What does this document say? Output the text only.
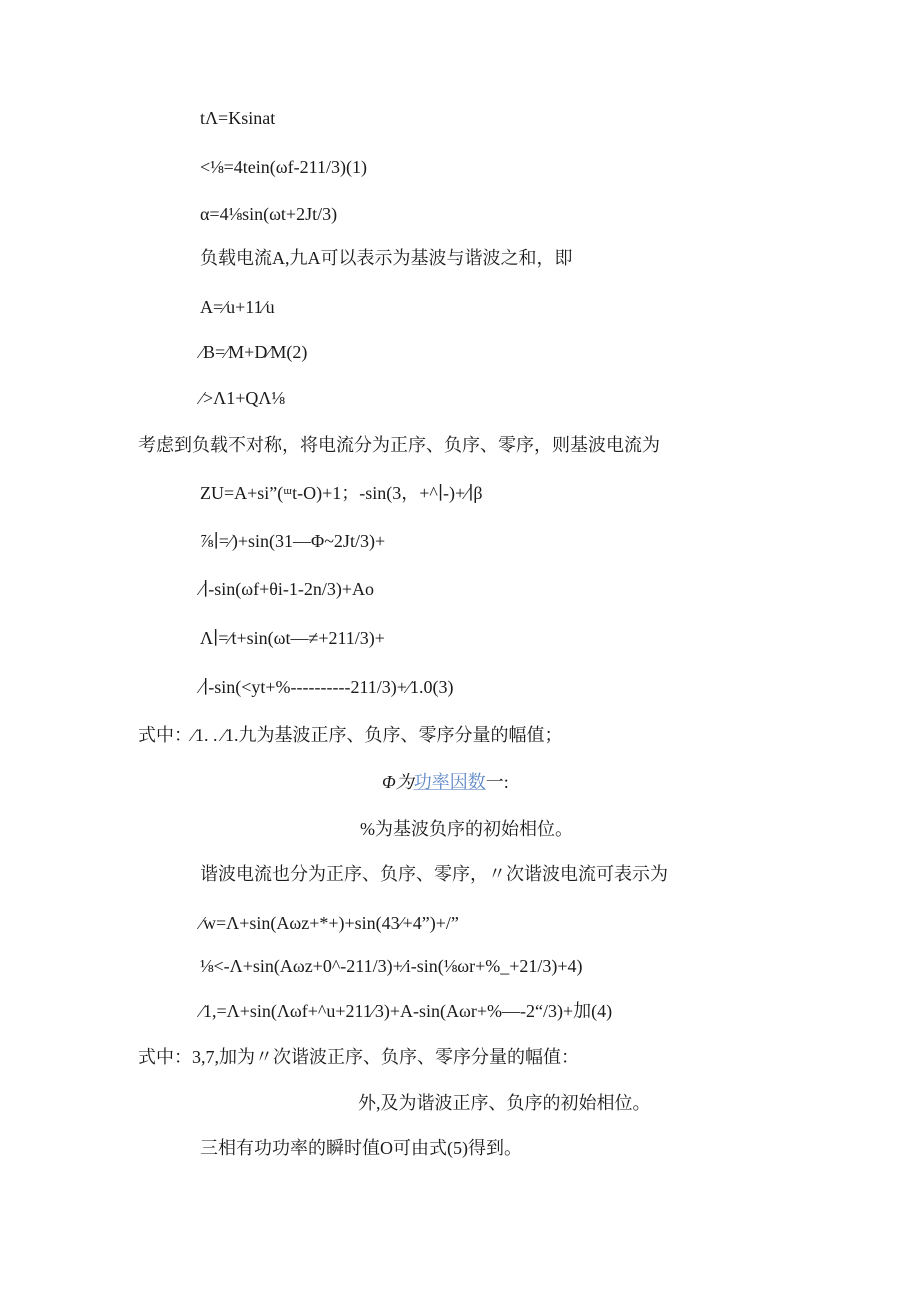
tΛ=Ksinat
<⅛=4tein(ωf-211/3)(1)
α=4⅛sin(ωt+2Jt/3)
负载电流A,九A可以表示为基波与谐波之和，即
A=⁄u+11⁄u
⁄B=⁄M+D⁄M(2)
⁄>Λ1+QΛ⅛
考虑到负载不对称，将电流分为正序、负序、零序，则基波电流为
ZU=A+si”(ᵚt-O)+1；-sin(3，+^∣-)+⁄∣β
⅞∣=⁄)+sin(31—Φ~2Jt/3)+
⁄∣-sin(ωf+θi-1-2n/3)+Ao
Λ∣=⁄t+sin(ωt—≠+211/3)+
⁄∣-sin(<yt+%----------211/3)+⁄1.0(3)
式中：⁄1. . ⁄1.九为基波正序、负序、零序分量的幅值；
Φ为功率因数一:
%为基波负序的初始相位。
谐波电流也分为正序、负序、零序，〃次谐波电流可表示为
⁄w=Λ+sin(Aωz+*+)+sin(43⁄+4”)+/”
⅛<-Λ+sin(Aωz+0^-211/3)+⁄i-sin(⅛ωr+%_+21/3)+4)
⁄1,=Λ+sin(Λωf+^u+211⁄3)+A-sin(Aωr+%—-2“/3)+加(4)
式中：3,7,加为〃次谐波正序、负序、零序分量的幅值：
外,及为谐波正序、负序的初始相位。
三相有功功率的瞬时值O可由式(5)得到。
